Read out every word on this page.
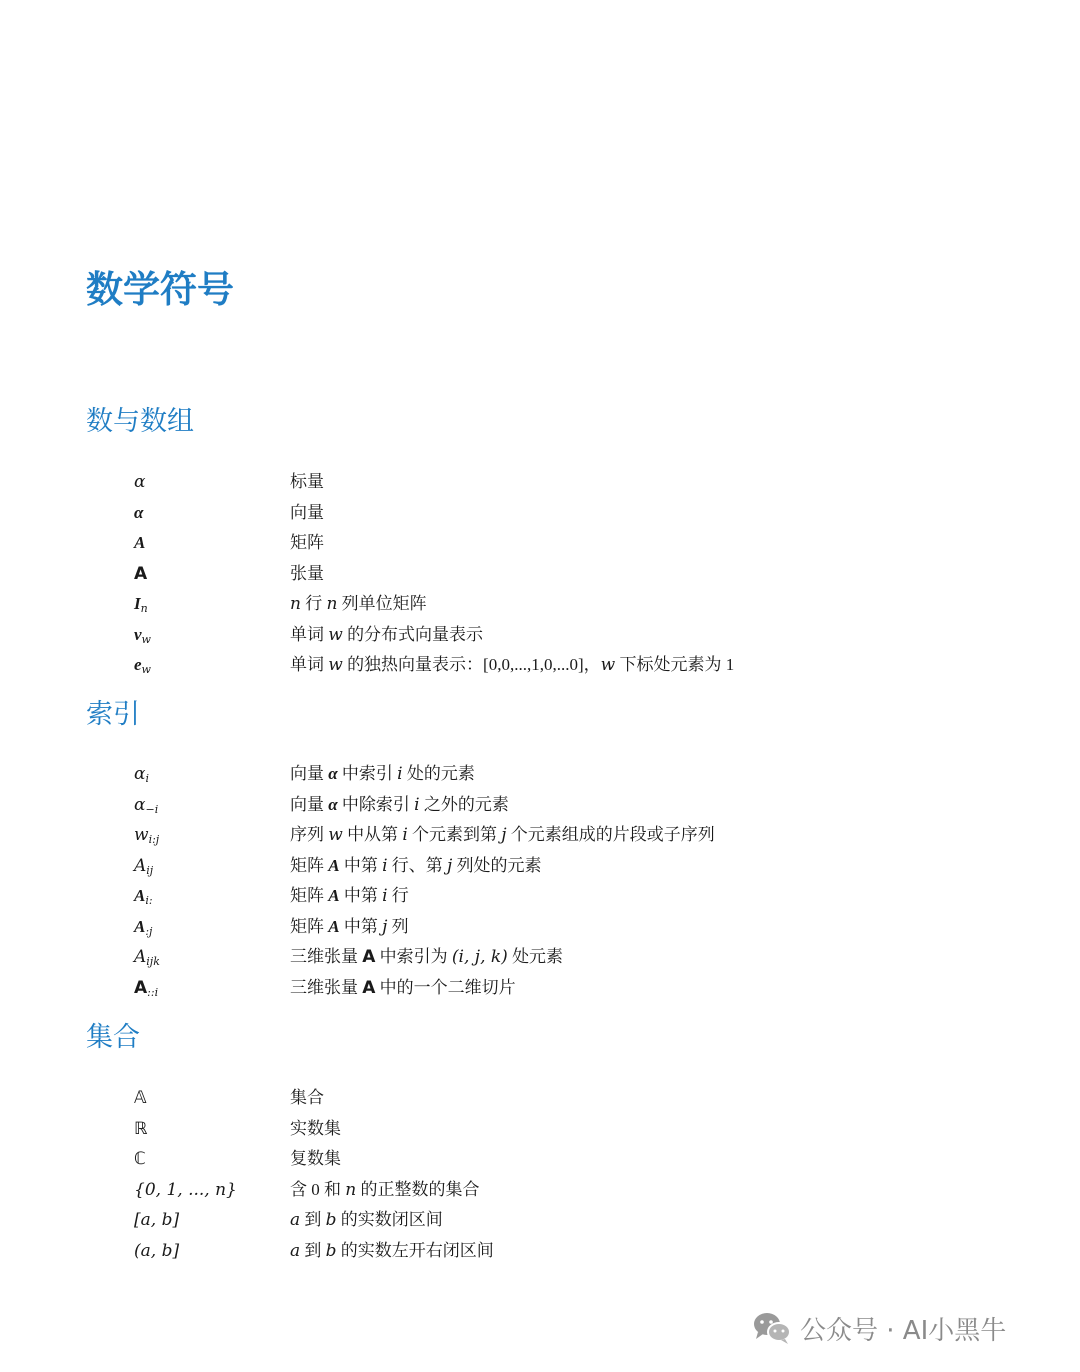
数学符号
数与数组
α	标量
α	向量
A	矩阵
A	张量
$I_n$	n 行 n 列单位矩阵
$v_w$	单词 w 的分布式向量表示
$e_w$	单词 w 的独热向量表示：[0,0,...,1,0,...0]，w 下标处元素为 1
索引
$\alpha_i$	向量 α 中索引 i 处的元素
$\alpha_{-i}$	向量 α 中除索引 i 之外的元素
$w_{i:j}$	序列 w 中从第 i 个元素到第 j 个元素组成的片段或子序列
$A_{ij}$	矩阵 A 中第 i 行、第 j 列处的元素
$A_{i:}$	矩阵 A 中第 i 行
$A_{:j}$	矩阵 A 中第 j 列
$A_{ijk}$	三维张量 A 中索引为 (i, j, k) 处元素
$A_{::i}$	三维张量 A 中的一个二维切片
集合
𝔸	集合
ℝ	实数集
ℂ	复数集
{0, 1, ..., n}	含 0 和 n 的正整数的集合
[a, b]	a 到 b 的实数闭区间
(a, b]	a 到 b 的实数左开右闭区间
公众号 · AI小黑牛
